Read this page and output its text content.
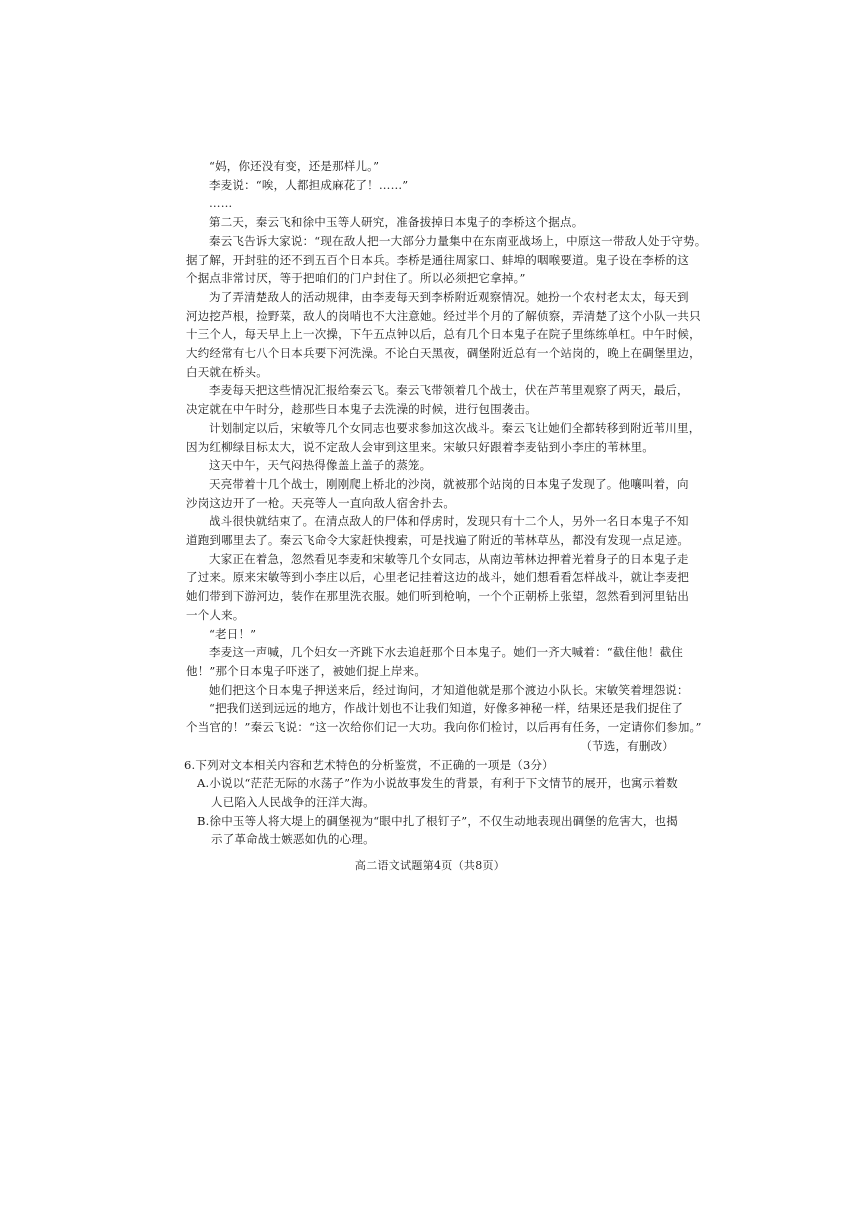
“妈，你还没有变，还是那样儿。”
李麦说：“唉，人都担成麻花了！……”
……
第二天，秦云飞和徐中玉等人研究，准备拔掉日本鬼子的李桥这个据点。
秦云飞告诉大家说：“现在敌人把一大部分力量集中在东南亚战场上，中原这一带敌人处于守势。
据了解，开封驻的还不到五百个日本兵。李桥是通往周家口、蚌埠的咽喉要道。鬼子设在李桥的这
个据点非常讨厌，等于把咱们的门户封住了。所以必须把它拿掉。”
为了弄清楚敌人的活动规律，由李麦每天到李桥附近观察情况。她扮一个农村老太太，每天到
河边挖芦根，捡野菜，敌人的岗哨也不大注意她。经过半个月的了解侦察，弄清楚了这个小队一共只
十三个人，每天早上上一次操，下午五点钟以后，总有几个日本鬼子在院子里练练单杠。中午时候，
大约经常有七八个日本兵要下河洗澡。不论白天黑夜，碉堡附近总有一个站岗的，晚上在碉堡里边，
白天就在桥头。
李麦每天把这些情况汇报给秦云飞。秦云飞带领着几个战士，伏在芦苇里观察了两天，最后，
决定就在中午时分，趁那些日本鬼子去洗澡的时候，进行包围袭击。
计划制定以后，宋敏等几个女同志也要求参加这次战斗。秦云飞让她们全都转移到附近苇川里，
因为红柳绿目标太大，说不定敌人会审到这里来。宋敏只好跟着李麦钻到小李庄的苇林里。
这天中午，天气闷热得像盖上盖子的蒸笼。
天亮带着十几个战士，刚刚爬上桥北的沙岗，就被那个站岗的日本鬼子发现了。他嚷叫着，向
沙岗这边开了一枪。天亮等人一直向敌人宿舍扑去。
战斗很快就结束了。在清点敌人的尸体和俘虏时，发现只有十二个人，另外一名日本鬼子不知
道跑到哪里去了。秦云飞命令大家赶快搜索，可是找遍了附近的苇林草丛，都没有发现一点足迹。
大家正在着急，忽然看见李麦和宋敏等几个女同志，从南边苇林边押着光着身子的日本鬼子走
了过来。原来宋敏等到小李庄以后，心里老记挂着这边的战斗，她们想看看怎样战斗，就让李麦把
她们带到下游河边，装作在那里洗衣服。她们听到枪响，一个个正朝桥上张望，忽然看到河里钻出
一个人来。
“老日！”
李麦这一声喊，几个妇女一齐跳下水去追赶那个日本鬼子。她们一齐大喊着：“截住他！截住
他！”那个日本鬼子吓迷了，被她们捉上岸来。
她们把这个日本鬼子押送来后，经过询问，才知道他就是那个渡边小队长。宋敏笑着埋怨说：
“把我们送到远远的地方，作战计划也不让我们知道，好像多神秘一样，结果还是我们捉住了
个当官的！”秦云飞说：“这一次给你们记一大功。我向你们检讨，以后再有任务，一定请你们参加。”
（节选，有删改）
6.下列对文本相关内容和艺术特色的分析鉴赏，不正确的一项是（3分）
A.小说以“茫茫无际的水荡子”作为小说故事发生的背景，有利于下文情节的展开，也寓示着数
人已陷入人民战争的汪洋大海。
B.徐中玉等人将大堤上的碉堡视为“眼中扎了根钉子”，不仅生动地表现出碉堡的危害大，也揭
示了革命战士嫉恶如仇的心理。
高二语文试题第4页（共8页）
